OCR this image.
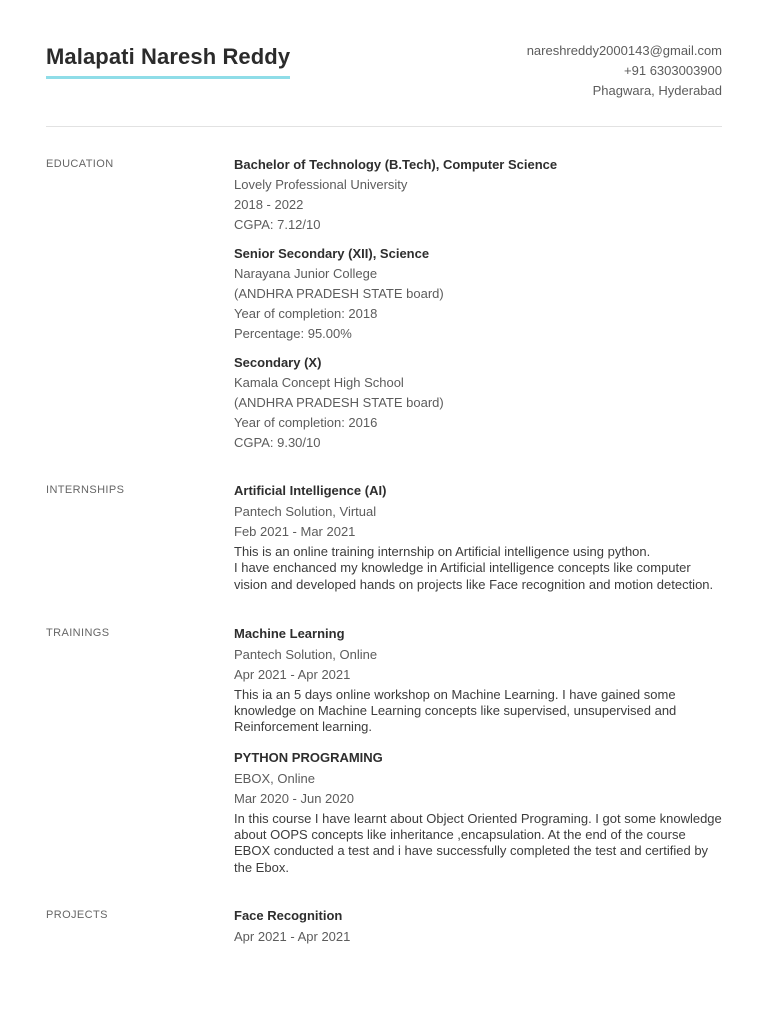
Malapati Naresh Reddy	nareshreddy2000143@gmail.com
+91 6303003900
Phagwara, Hyderabad
EDUCATION	Bachelor of Technology (B.Tech), Computer Science
Lovely Professional University
2018 - 2022
CGPA: 7.12/10
Senior Secondary (XII), Science
Narayana Junior College
(ANDHRA PRADESH STATE board)
Year of completion: 2018
Percentage: 95.00%
Secondary (X)
Kamala Concept High School
(ANDHRA PRADESH STATE board)
Year of completion: 2016
CGPA: 9.30/10
INTERNSHIPS	Artificial Intelligence (AI)
Pantech Solution, Virtual
Feb 2021 - Mar 2021
This is an online training internship on Artificial intelligence using python.
I have enchanced my knowledge in Artificial intelligence concepts like computer vision and developed hands on projects like Face recognition and motion detection.
TRAININGS	Machine Learning
Pantech Solution, Online
Apr 2021 - Apr 2021
This ia an 5 days online workshop on Machine Learning. I have gained some knowledge on Machine Learning concepts like supervised, unsupervised and Reinforcement learning.
PYTHON PROGRAMING
EBOX, Online
Mar 2020 - Jun 2020
In this course I have learnt about Object Oriented Programing. I got some knowledge about OOPS concepts like inheritance ,encapsulation. At the end of the course EBOX conducted a test and i have successfully completed the test and certified by the Ebox.
PROJECTS	Face Recognition
Apr 2021 - Apr 2021
